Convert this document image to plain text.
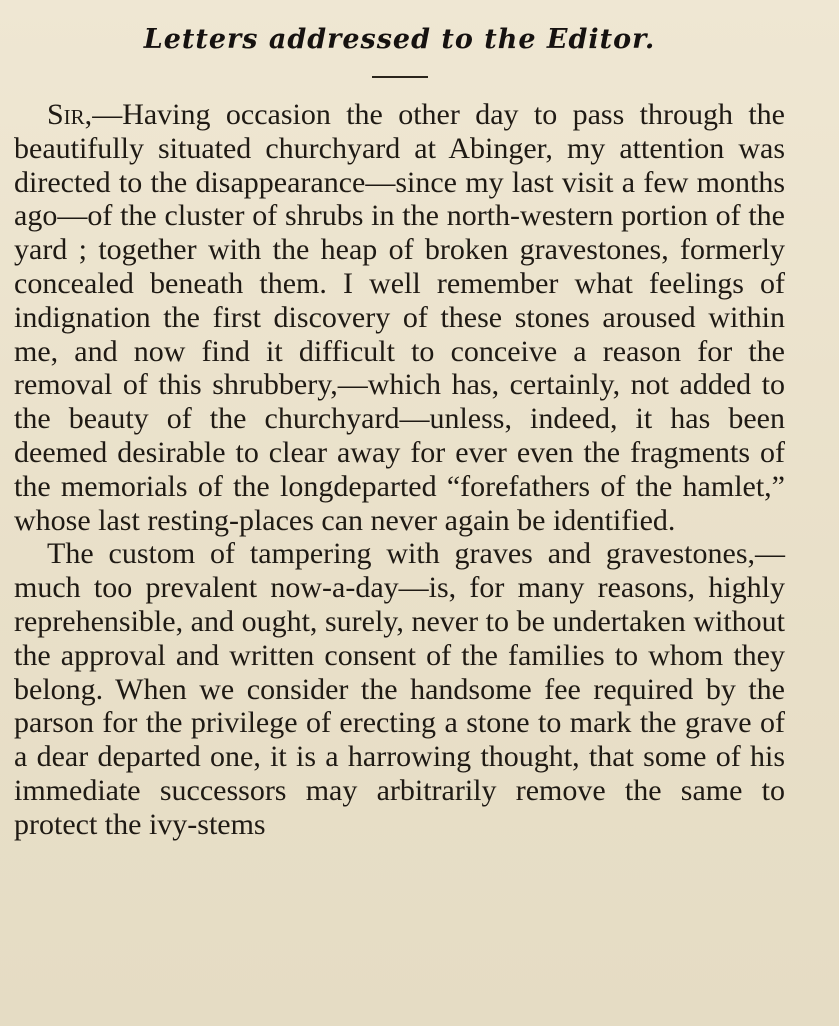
Letters addressed to the Editor.

Sir,—Having occasion the other day to pass through the beautifully situated churchyard at Abinger, my attention was directed to the disappearance—since my last visit a few months ago—of the cluster of shrubs in the north-western portion of the yard ; together with the heap of broken gravestones, formerly concealed beneath them. I well remember what feelings of indignation the first discovery of these stones aroused within me, and now find it difficult to conceive a reason for the removal of this shrubbery,—which has, certainly, not added to the beauty of the churchyard—unless, indeed, it has been deemed desirable to clear away for ever even the fragments of the memorials of the longdeparted “forefathers of the hamlet,” whose last resting-places can never again be identified.

The custom of tampering with graves and gravestones,—much too prevalent now-a-day—is, for many reasons, highly reprehensible, and ought, surely, never to be undertaken without the approval and written consent of the families to whom they belong. When we consider the handsome fee required by the parson for the privilege of erecting a stone to mark the grave of a dear departed one, it is a harrowing thought, that some of his immediate successors may arbitrarily remove the same to protect the ivy-stems
